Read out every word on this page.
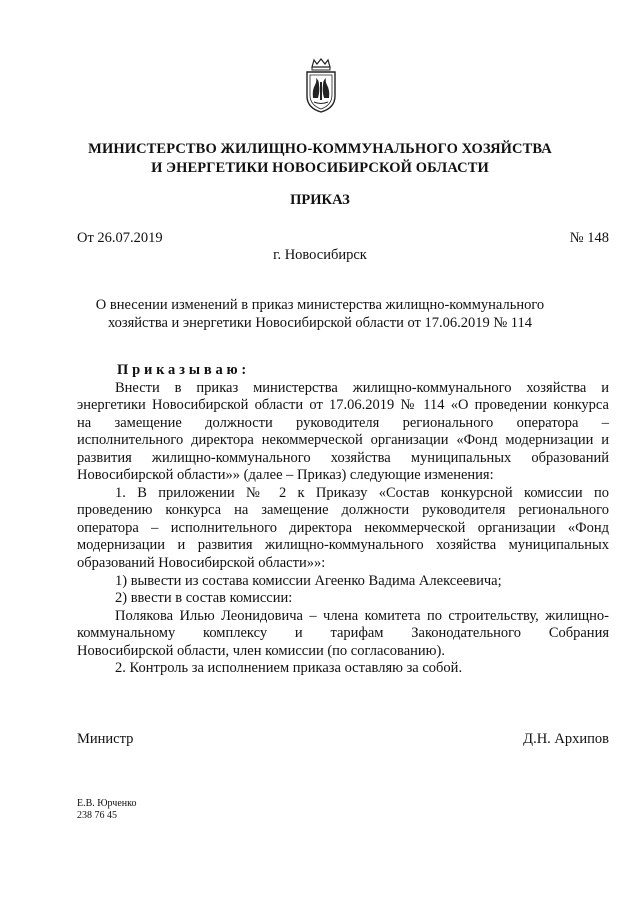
МИНИСТЕРСТВО ЖИЛИЩНО-КОММУНАЛЬНОГО ХОЗЯЙСТВА
И ЭНЕРГЕТИКИ НОВОСИБИРСКОЙ ОБЛАСТИ
ПРИКАЗ
От 26.07.2019	№ 148
г. Новосибирск
О внесении изменений в приказ министерства жилищно-коммунального
хозяйства и энергетики Новосибирской области от 17.06.2019 № 114
Приказываю:
Внести в приказ министерства жилищно-коммунального хозяйства и
энергетики Новосибирской области от 17.06.2019 № 114 «О проведении конкурса
на замещение должности руководителя регионального оператора –
исполнительного директора некоммерческой организации «Фонд модернизации и
развития жилищно-коммунального хозяйства муниципальных образований
Новосибирской области»» (далее – Приказ) следующие изменения:
1. В приложении № 2 к Приказу «Состав конкурсной комиссии по
проведению конкурса на замещение должности руководителя регионального
оператора – исполнительного директора некоммерческой организации «Фонд
модернизации и развития жилищно-коммунального хозяйства муниципальных
образований Новосибирской области»»:
1) вывести из состава комиссии Агеенко Вадима Алексеевича;
2) ввести в состав комиссии:
Полякова Илью Леонидовича – члена комитета по строительству, жилищно-
коммунальному комплексу и тарифам Законодательного Собрания
Новосибирской области, член комиссии (по согласованию).
2. Контроль за исполнением приказа оставляю за собой.
Министр	Д.Н. Архипов
Е.В. Юрченко
238 76 45
